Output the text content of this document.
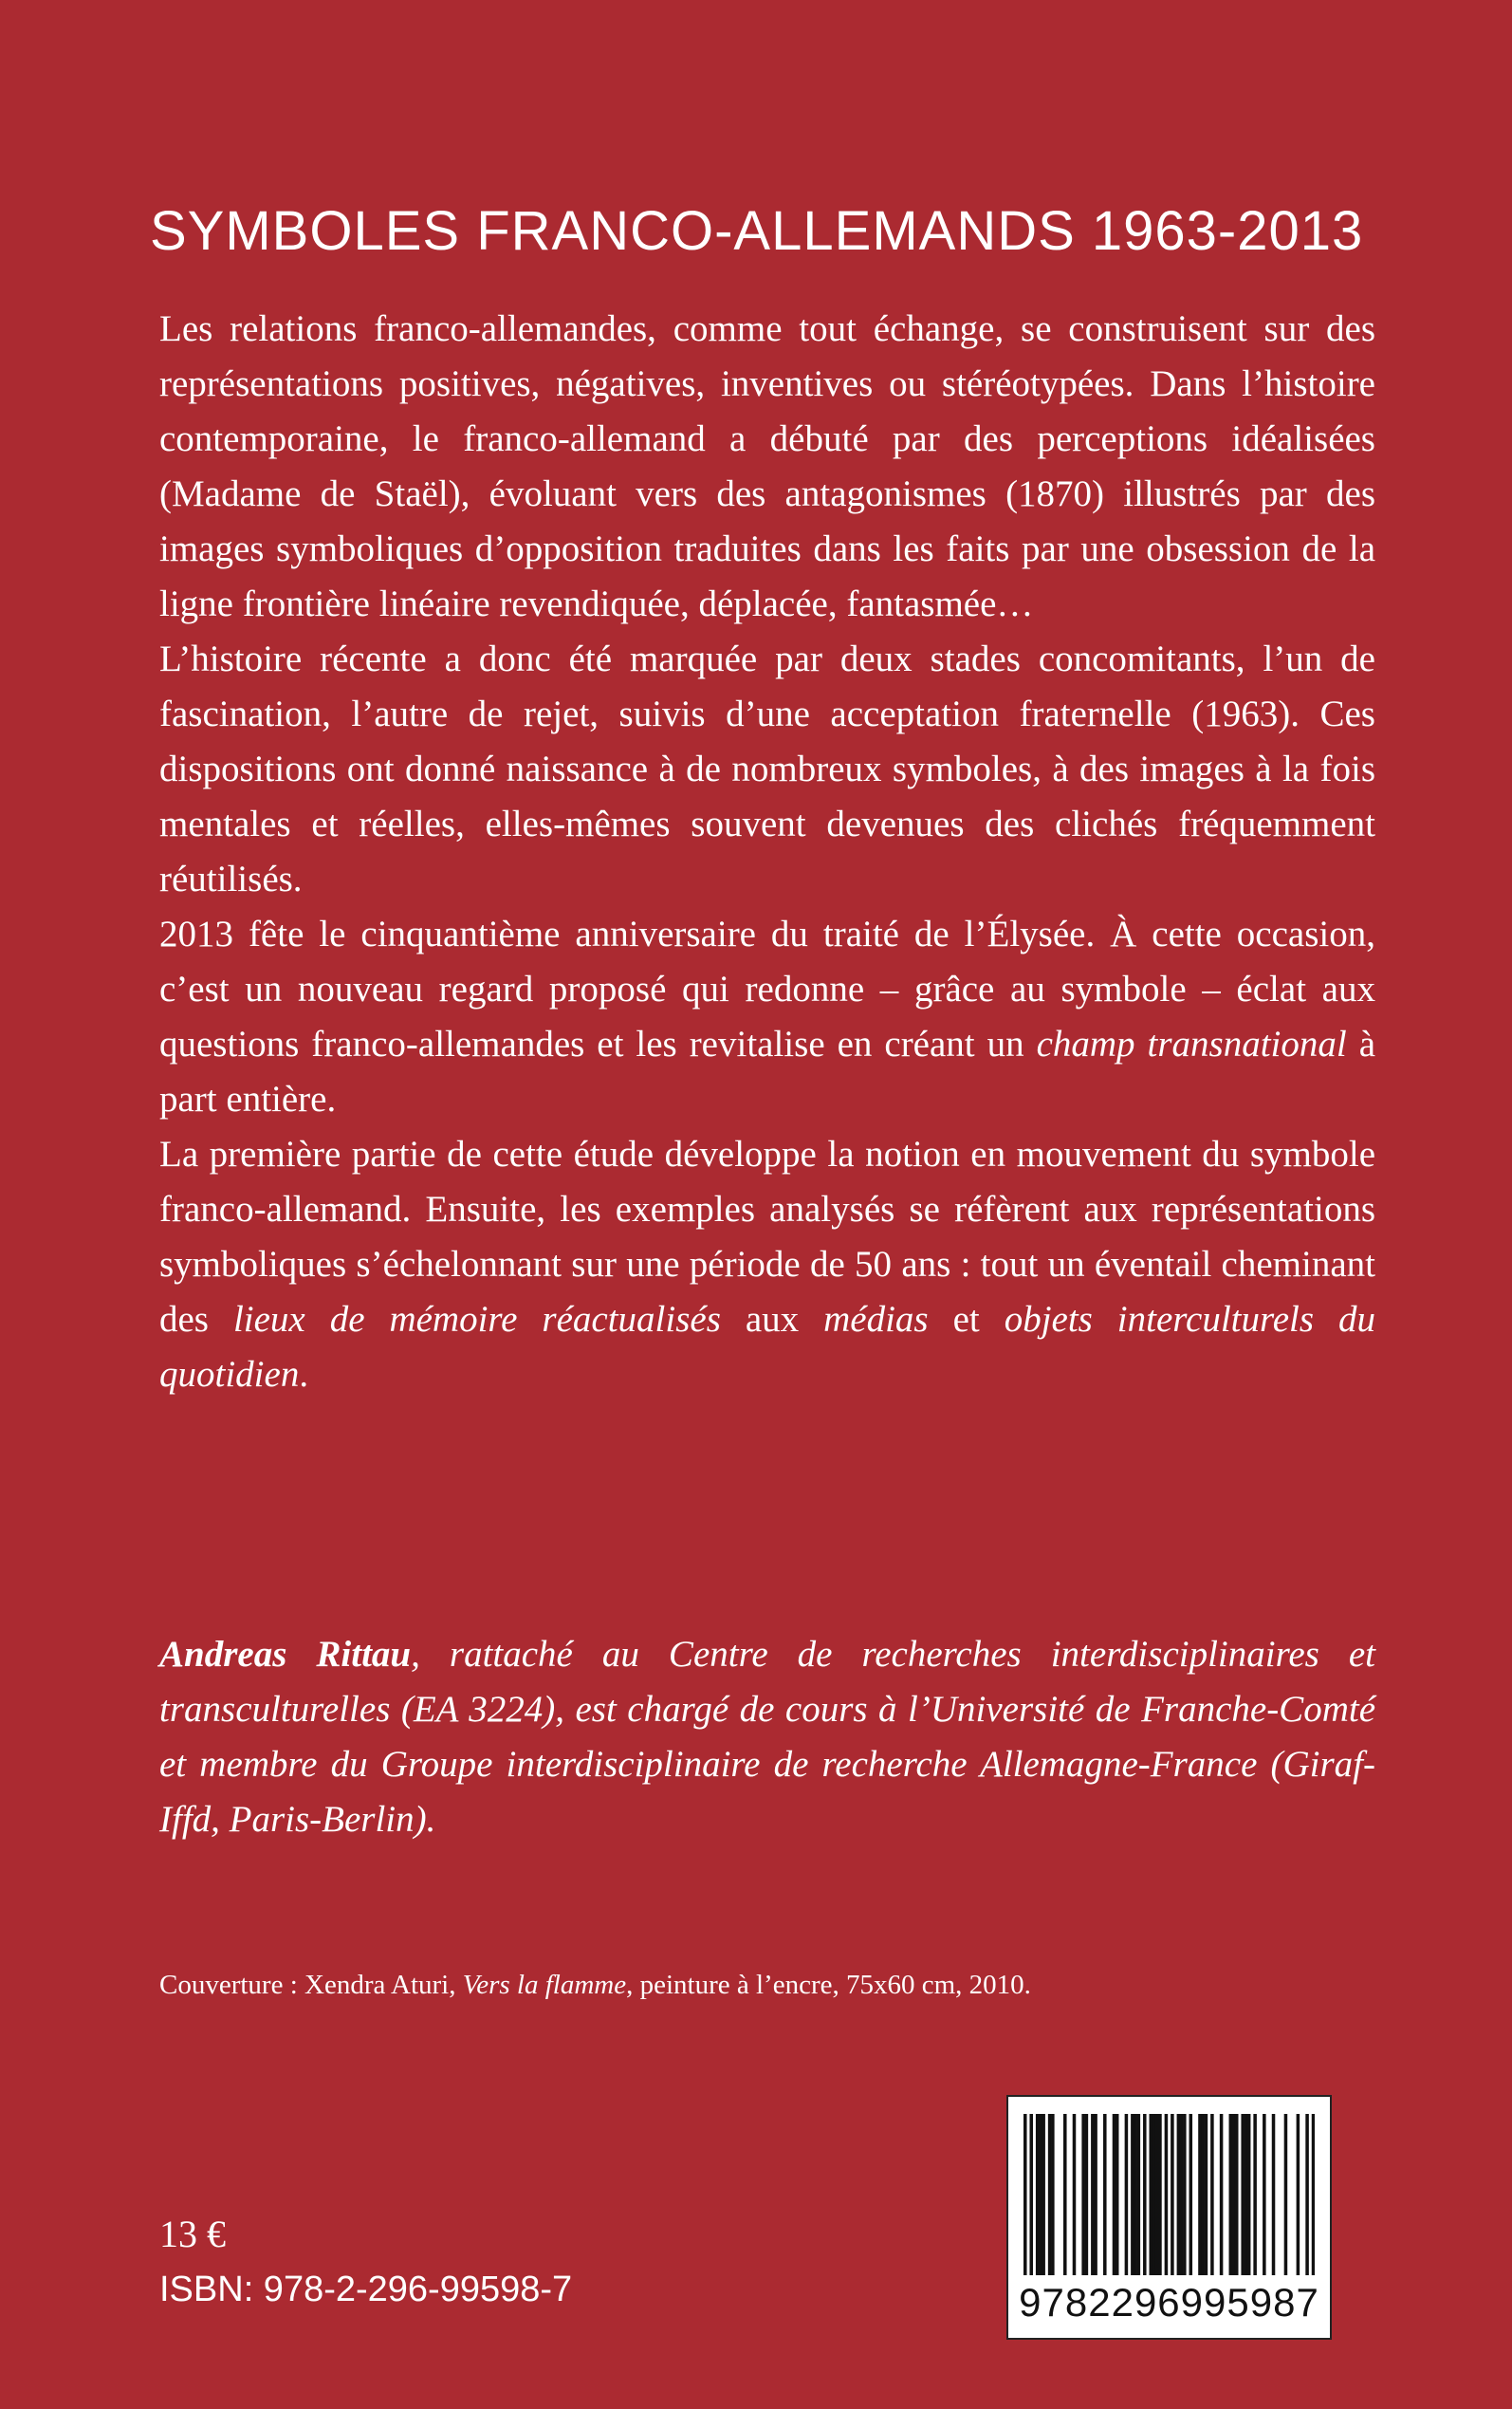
SYMBOLES FRANCO-ALLEMANDS 1963-2013

Les relations franco-allemandes, comme tout échange, se construisent sur des représentations positives, négatives, inventives ou stéréotypées. Dans l’histoire contemporaine, le franco-allemand a débuté par des perceptions idéalisées (Madame de Staël), évoluant vers des antagonismes (1870) illustrés par des images symboliques d’opposition traduites dans les faits par une obsession de la ligne frontière linéaire revendiquée, déplacée, fantasmée…

L’histoire récente a donc été marquée par deux stades concomitants, l’un de fascination, l’autre de rejet, suivis d’une acceptation fraternelle (1963). Ces dispositions ont donné naissance à de nombreux symboles, à des images à la fois mentales et réelles, elles-mêmes souvent devenues des clichés fréquemment réutilisés.

2013 fête le cinquantième anniversaire du traité de l’Élysée. À cette occasion, c’est un nouveau regard proposé qui redonne – grâce au symbole – éclat aux questions franco-allemandes et les revitalise en créant un champ transnational à part entière.

La première partie de cette étude développe la notion en mouvement du symbole franco-allemand. Ensuite, les exemples analysés se réfèrent aux représentations symboliques s’échelonnant sur une période de 50 ans : tout un éventail cheminant des lieux de mémoire réactualisés aux médias et objets interculturels du quotidien.

Andreas Rittau, rattaché au Centre de recherches interdisciplinaires et transculturelles (EA 3224), est chargé de cours à l’Université de Franche-Comté et membre du Groupe interdisciplinaire de recherche Allemagne-France (Giraf-Iffd, Paris-Berlin).
Couverture : Xendra Aturi, Vers la flamme, peinture à l’encre, 75x60 cm, 2010.
13 €
ISBN: 978-2-296-99598-7	9782296995987
